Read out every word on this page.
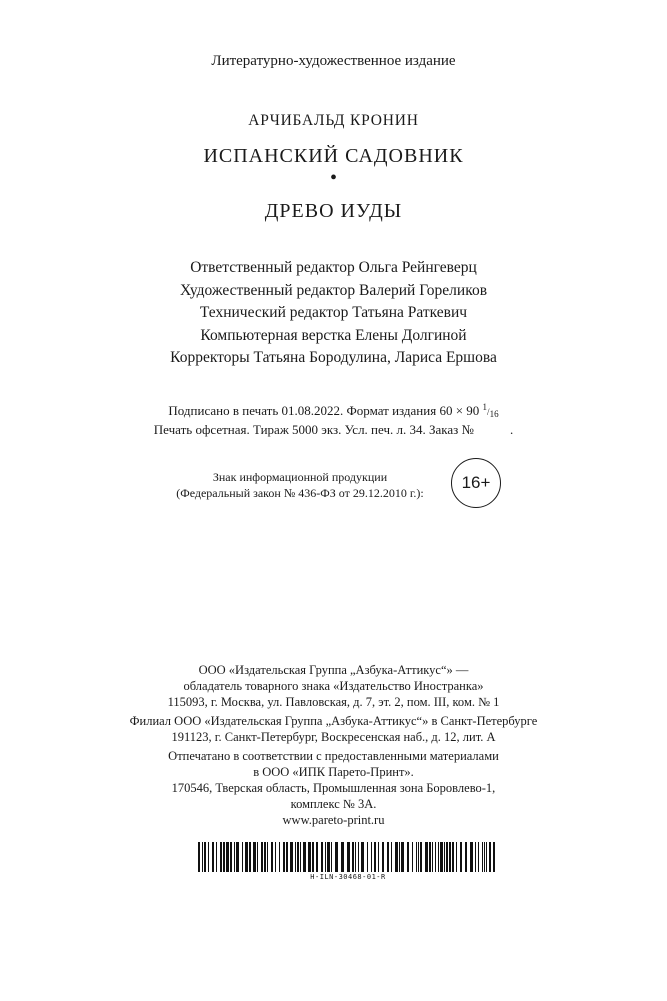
Литературно-художественное издание
АРЧИБАЛЬД КРОНИН
ИСПАНСКИЙ САДОВНИК
•
ДРЕВО ИУДЫ
Ответственный редактор Ольга Рейнгеверц
Художественный редактор Валерий Гореликов
Технический редактор Татьяна Раткевич
Компьютерная верстка Елены Долгиной
Корректоры Татьяна Бородулина, Лариса Ершова
Подписано в печать 01.08.2022. Формат издания 60 × 90 1/16
Печать офсетная. Тираж 5000 экз. Усл. печ. л. 34. Заказ №	.
Знак информационной продукции
(Федеральный закон № 436-ФЗ от 29.12.2010 г.):
16+
ООО «Издательская Группа „Азбука-Аттикус“» —
обладатель товарного знака «Издательство Иностранка»
115093, г. Москва, ул. Павловская, д. 7, эт. 2, пом. III, ком. № 1
Филиал ООО «Издательская Группа „Азбука-Аттикус“» в Санкт-Петербурге
191123, г. Санкт-Петербург, Воскресенская наб., д. 12, лит. А
Отпечатано в соответствии с предоставленными материалами
в ООО «ИПК Парето-Принт».
170546, Тверская область, Промышленная зона Боровлево-1,
комплекс № 3А.
www.pareto-print.ru
H-ILN-30468-01-R
